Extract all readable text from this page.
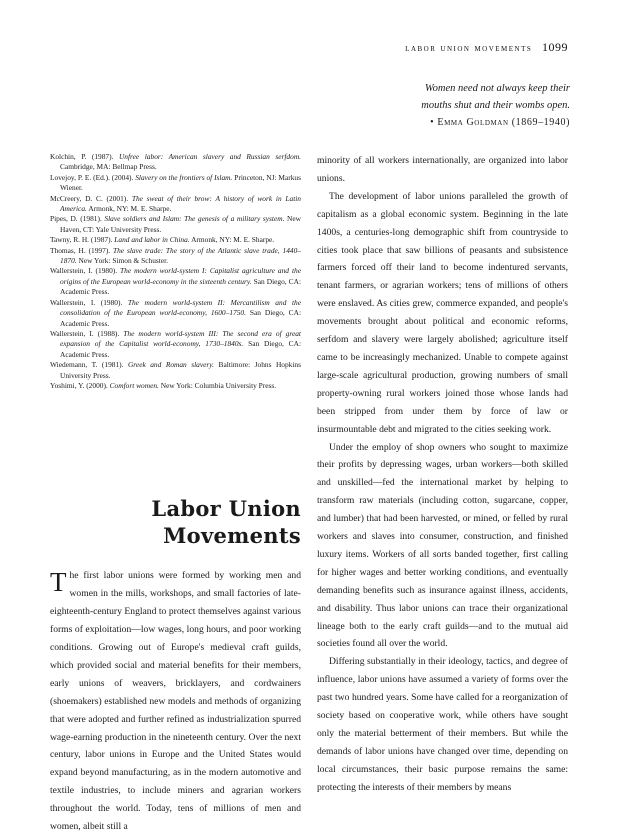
labor union movements 1099
Women need not always keep their
mouths shut and their wombs open.
• Emma Goldman (1869–1940)

Kolchin, P. (1987). Unfree labor: American slavery and Russian serfdom. Cambridge, MA: Bellmap Press.

Lovejoy, P. E. (Ed.). (2004). Slavery on the frontiers of Islam. Princeton, NJ: Markus Wiener.

McCreery, D. C. (2001). The sweat of their brow: A history of work in Latin America. Armonk, NY: M. E. Sharpe.

Pipes, D. (1981). Slave soldiers and Islam: The genesis of a military system. New Haven, CT: Yale University Press.

Tawny, R. H. (1987). Land and labor in China. Armonk, NY: M. E. Sharpe.

Thomas, H. (1997). The slave trade: The story of the Atlantic slave trade, 1440–1870. New York: Simon & Schuster.

Wallerstein, I. (1980). The modern world-system I: Capitalist agriculture and the origins of the European world-economy in the sixteenth century. San Diego, CA: Academic Press.

Wallerstein, I. (1980). The modern world-system II: Mercantilism and the consolidation of the European world-economy, 1600–1750. San Diego, CA: Academic Press.

Wallerstein, I. (1988). The modern world-system III: The second era of great expansion of the Capitalist world-economy, 1730–1840s. San Diego, CA: Academic Press.

Wiedemann, T. (1981). Greek and Roman slavery. Baltimore: Johns Hopkins University Press.

Yoshimi, Y. (2000). Comfort women. New York: Columbia University Press.

Labor Union
Movements

The first labor unions were formed by working men and women in the mills, workshops, and small factories of late-eighteenth-century England to protect themselves against various forms of exploitation—low wages, long hours, and poor working conditions. Growing out of Europe's medieval craft guilds, which provided social and material benefits for their members, early unions of weavers, bricklayers, and cordwainers (shoemakers) established new models and methods of organizing that were adopted and further refined as industrialization spurred wage-earning production in the nineteenth century. Over the next century, labor unions in Europe and the United States would expand beyond manufacturing, as in the modern automotive and textile industries, to include miners and agrarian workers throughout the world. Today, tens of millions of men and women, albeit still a

minority of all workers internationally, are organized into labor unions.

The development of labor unions paralleled the growth of capitalism as a global economic system. Beginning in the late 1400s, a centuries-long demographic shift from countryside to cities took place that saw billions of peasants and subsistence farmers forced off their land to become indentured servants, tenant farmers, or agrarian workers; tens of millions of others were enslaved. As cities grew, commerce expanded, and people's movements brought about political and economic reforms, serfdom and slavery were largely abolished; agriculture itself came to be increasingly mechanized. Unable to compete against large-scale agricultural production, growing numbers of small property-owning rural workers joined those whose lands had been stripped from under them by force of law or insurmountable debt and migrated to the cities seeking work.

Under the employ of shop owners who sought to maximize their profits by depressing wages, urban workers—both skilled and unskilled—fed the international market by helping to transform raw materials (including cotton, sugarcane, copper, and lumber) that had been harvested, or mined, or felled by rural workers and slaves into consumer, construction, and finished luxury items. Workers of all sorts banded together, first calling for higher wages and better working conditions, and eventually demanding benefits such as insurance against illness, accidents, and disability. Thus labor unions can trace their organizational lineage both to the early craft guilds—and to the mutual aid societies found all over the world.

Differing substantially in their ideology, tactics, and degree of influence, labor unions have assumed a variety of forms over the past two hundred years. Some have called for a reorganization of society based on cooperative work, while others have sought only the material betterment of their members. But while the demands of labor unions have changed over time, depending on local circumstances, their basic purpose remains the same: protecting the interests of their members by means
